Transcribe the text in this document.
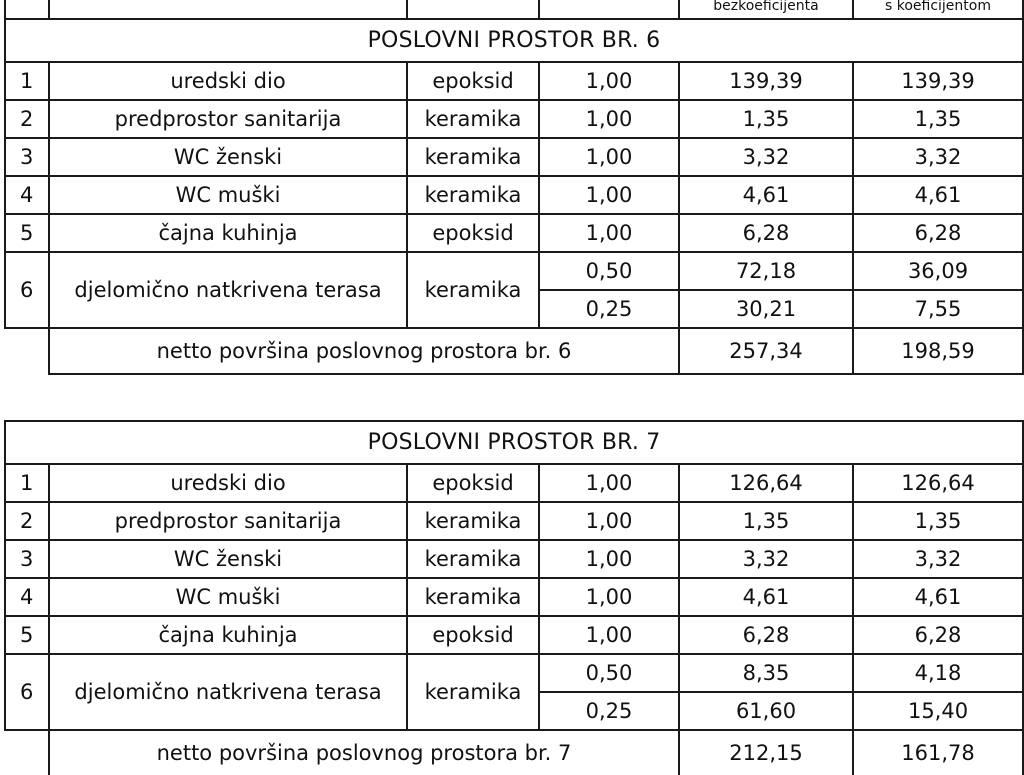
				bezkoeficijenta	s koeficijentom
POSLOVNI PROSTOR BR. 6					
1	uredski dio	epoksid	1,00	139,39	139,39
2	predprostor sanitarija	keramika	1,00	1,35	1,35
3	WC ženski	keramika	1,00	3,32	3,32
4	WC muški	keramika	1,00	4,61	4,61
5	čajna kuhinja	epoksid	1,00	6,28	6,28
6	djelomično natkrivena terasa	keramika	0,50	72,18	36,09
			0,25	30,21	7,55
	netto površina poslovnog prostora br. 6			257,34	198,59
POSLOVNI PROSTOR BR. 7					
1	uredski dio	epoksid	1,00	126,64	126,64
2	predprostor sanitarija	keramika	1,00	1,35	1,35
3	WC ženski	keramika	1,00	3,32	3,32
4	WC muški	keramika	1,00	4,61	4,61
5	čajna kuhinja	epoksid	1,00	6,28	6,28
6	djelomično natkrivena terasa	keramika	0,50	8,35	4,18
			0,25	61,60	15,40
	netto površina poslovnog prostora br. 7			212,15	161,78
